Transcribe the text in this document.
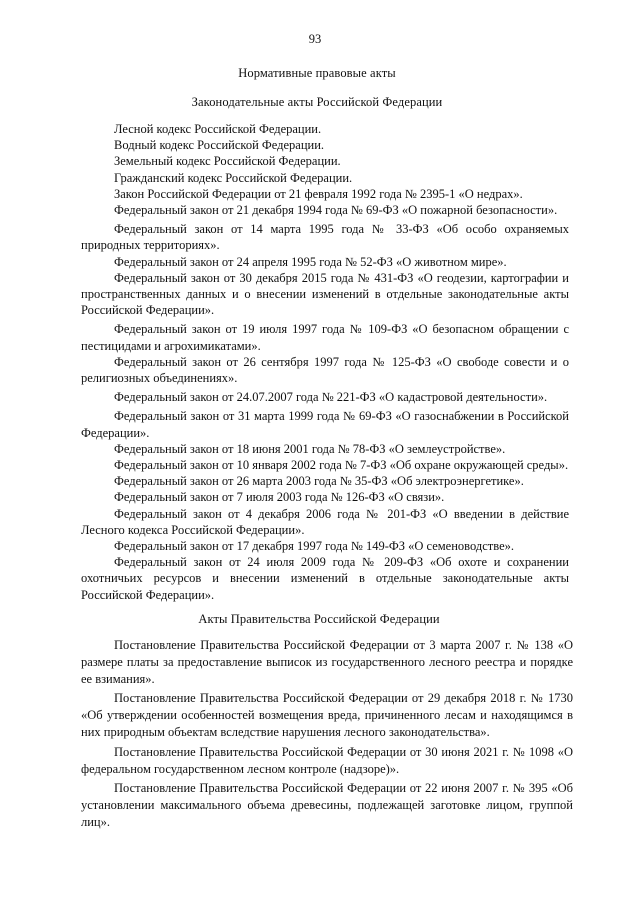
93
Нормативные правовые акты
Законодательные акты Российской Федерации

Лесной кодекс Российской Федерации.

Водный кодекс Российской Федерации.

Земельный кодекс Российской Федерации.

Гражданский кодекс Российской Федерации.

Закон Российской Федерации от 21 февраля 1992 года № 2395-1 «О недрах».

Федеральный закон от 21 декабря 1994 года № 69-ФЗ «О пожарной безопасности».

Федеральный закон от 14 марта 1995 года № 33-ФЗ «Об особо охраняемых природных территориях».

Федеральный закон от 24 апреля 1995 года № 52-ФЗ «О животном мире».

Федеральный закон от 30 декабря 2015 года № 431-ФЗ «О геодезии, картографии и пространственных данных и о внесении изменений в отдельные законодательные акты Российской Федерации».

Федеральный закон от 19 июля 1997 года № 109-ФЗ «О безопасном обращении с пестицидами и агрохимикатами».

Федеральный закон от 26 сентября 1997 года № 125-ФЗ «О свободе совести и о религиозных объединениях».

Федеральный закон от 24.07.2007 года № 221-ФЗ «О кадастровой деятельности».

Федеральный закон от 31 марта 1999 года № 69-ФЗ «О газоснабжении в Российской Федерации».

Федеральный закон от 18 июня 2001 года № 78-ФЗ «О землеустройстве».

Федеральный закон от 10 января 2002 года № 7-ФЗ «Об охране окружающей среды».

Федеральный закон от 26 марта 2003 года № 35-ФЗ «Об электроэнергетике».

Федеральный закон от 7 июля 2003 года № 126-ФЗ «О связи».

Федеральный закон от 4 декабря 2006 года № 201-ФЗ «О введении в действие Лесного кодекса Российской Федерации».

Федеральный закон от 17 декабря 1997 года № 149-ФЗ «О семеноводстве».

Федеральный закон от 24 июля 2009 года № 209-ФЗ «Об охоте и сохранении охотничьих ресурсов и внесении изменений в отдельные законодательные акты Российской Федерации».

Акты Правительства Российской Федерации

Постановление Правительства Российской Федерации от 3 марта 2007 г. № 138 «О размере платы за предоставление выписок из государственного лесного реестра и порядке ее взимания».

Постановление Правительства Российской Федерации от 29 декабря 2018 г. № 1730 «Об утверждении особенностей возмещения вреда, причиненного лесам и находящимся в них природным объектам вследствие нарушения лесного законодательства».

Постановление Правительства Российской Федерации от 30 июня 2021 г. № 1098 «О федеральном государственном лесном контроле (надзоре)».

Постановление Правительства Российской Федерации от 22 июня 2007 г. № 395 «Об установлении максимального объема древесины, подлежащей заготовке лицом, группой лиц».
